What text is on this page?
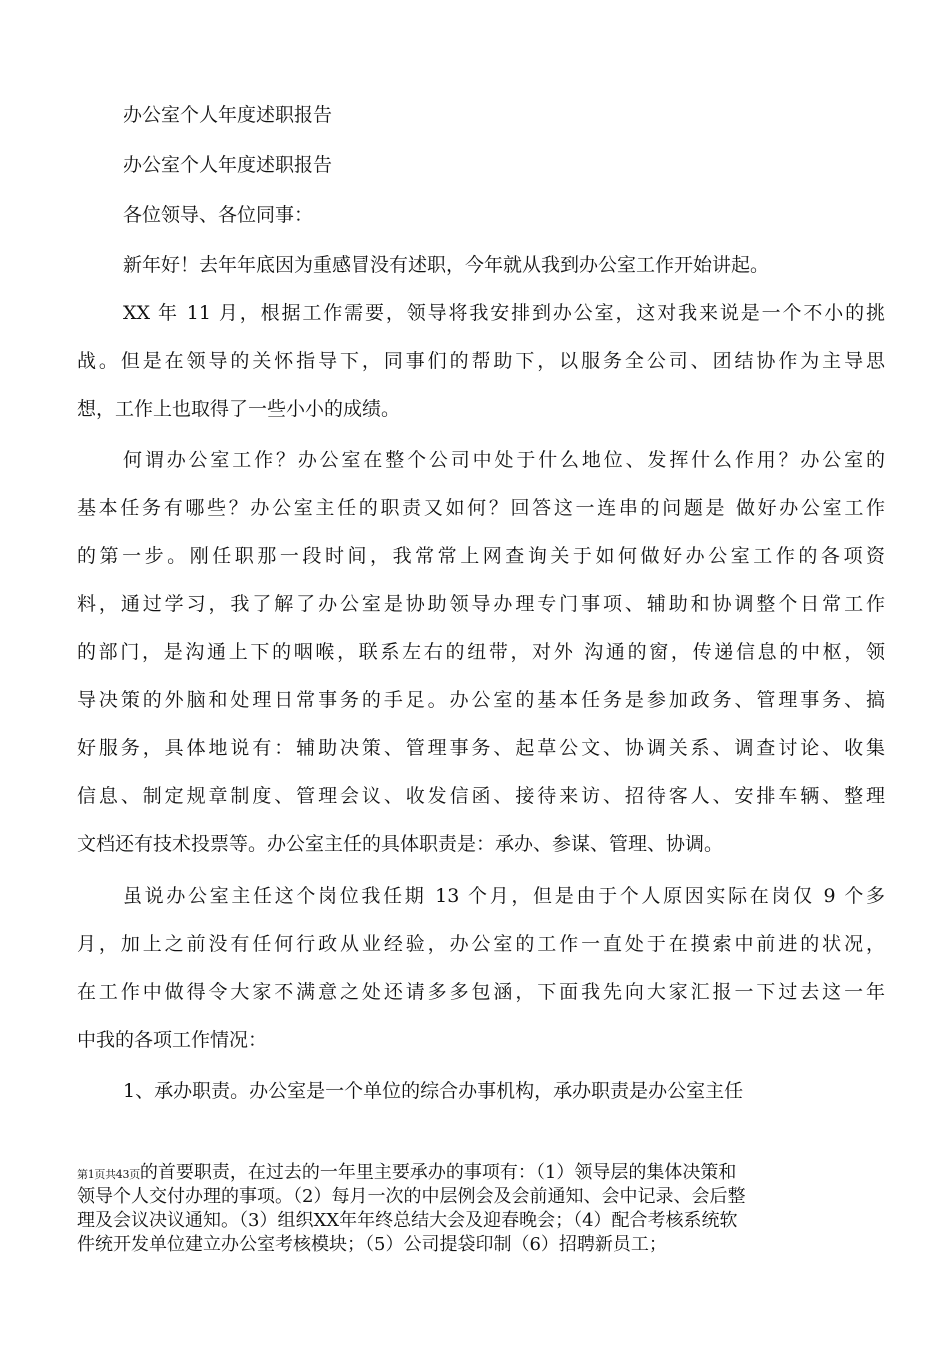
办公室个人年度述职报告
办公室个人年度述职报告
各位领导、各位同事：
新年好！去年年底因为重感冒没有述职，今年就从我到办公室工作开始讲起。
XX 年 11 月，根据工作需要，领导将我安排到办公室，这对我来说是一个不小的挑
战。但是在领导的关怀指导下，同事们的帮助下，以服务全公司、团结协作为主导思
想，工作上也取得了一些小小的成绩。
何谓办公室工作？办公室在整个公司中处于什么地位、发挥什么作用？办公室的
基本任务有哪些？办公室主任的职责又如何？回答这一连串的问题是 做好办公室工作
的第一步。刚任职那一段时间，我常常上网查询关于如何做好办公室工作的各项资
料，通过学习，我了解了办公室是协助领导办理专门事项、辅助和协调整个日常工作
的部门，是沟通上下的咽喉，联系左右的纽带，对外 沟通的窗，传递信息的中枢，领
导决策的外脑和处理日常事务的手足。办公室的基本任务是参加政务、管理事务、搞
好服务，具体地说有：辅助决策、管理事务、起草公文、协调关系、调查讨论、收集
信息、制定规章制度、管理会议、收发信函、接待来访、招待客人、安排车辆、整理
文档还有技术投票等。办公室主任的具体职责是：承办、参谋、管理、协调。
虽说办公室主任这个岗位我任期 13 个月，但是由于个人原因实际在岗仅 9 个多
月，加上之前没有任何行政从业经验，办公室的工作一直处于在摸索中前进的状况，
在工作中做得令大家不满意之处还请多多包涵，下面我先向大家汇报一下过去这一年
中我的各项工作情况：
1、承办职责。办公室是一个单位的综合办事机构，承办职责是办公室主任
第1页共43页的首要职责，在过去的一年里主要承办的事项有：（1）领导层的集体决策和
领导个人交付办理的事项。（2）每月一次的中层例会及会前通知、会中记录、会后整
理及会议决议通知。（3）组织XX年年终总结大会及迎春晚会；（4）配合考核系统软
件统开发单位建立办公室考核模块；（5）公司提袋印制（6）招聘新员工；
